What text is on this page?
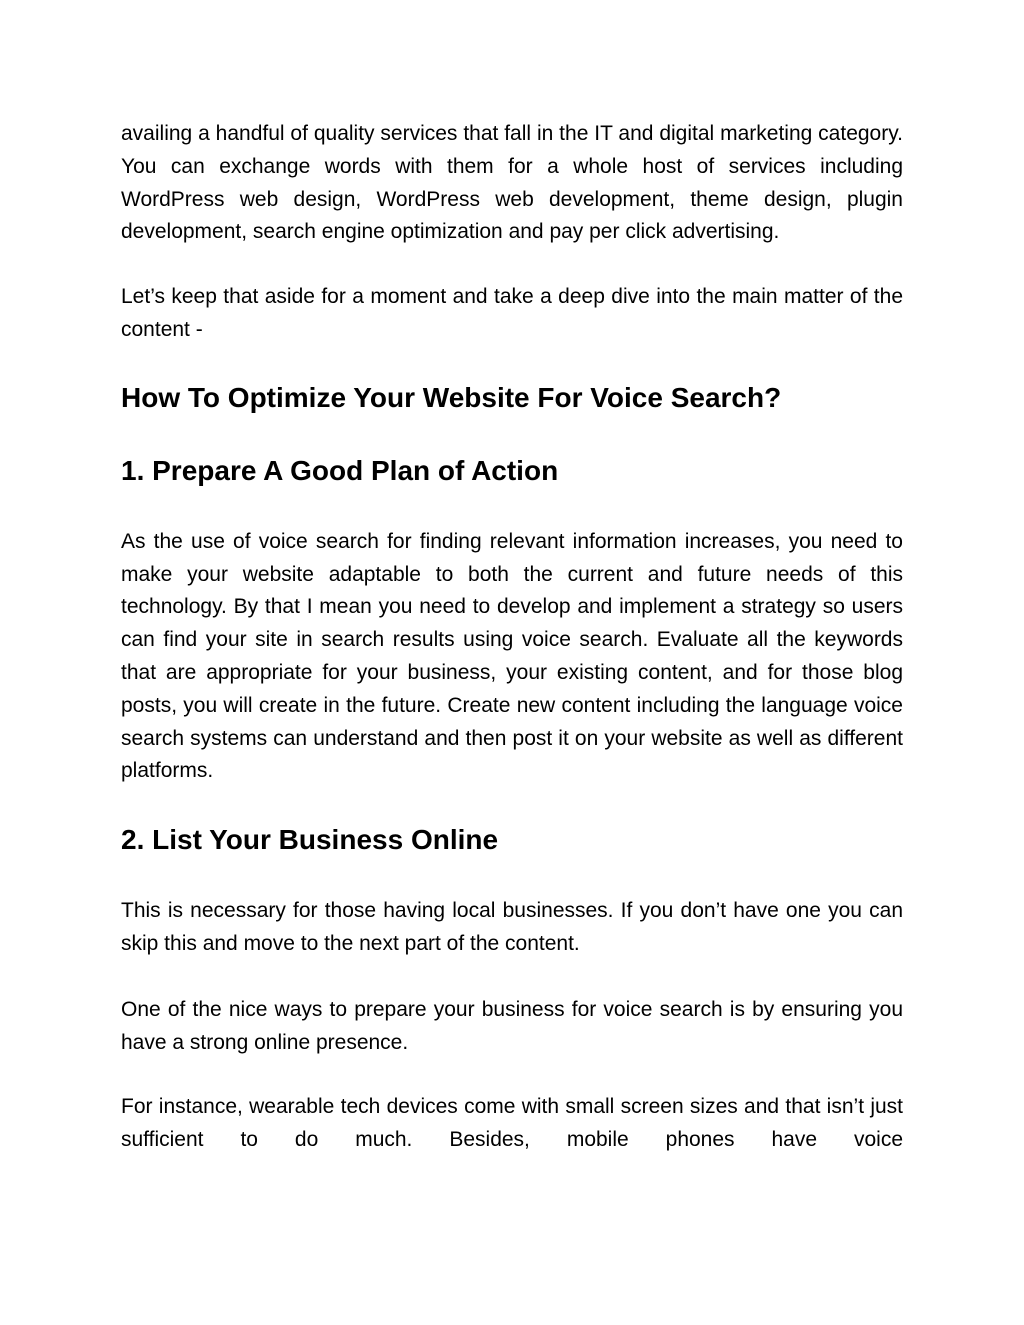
availing a handful of quality services that fall in the IT and digital marketing category. You can exchange words with them for a whole host of services including WordPress web design, WordPress web development, theme design, plugin development, search engine optimization and pay per click advertising.

Let’s keep that aside for a moment and take a deep dive into the main matter of the content -

How To Optimize Your Website For Voice Search?
1. Prepare A Good Plan of Action

As the use of voice search for finding relevant information increases, you need to make your website adaptable to both the current and future needs of this technology. By that I mean you need to develop and implement a strategy so users can find your site in search results using voice search. Evaluate all the keywords that are appropriate for your business, your existing content, and for those blog posts, you will create in the future. Create new content including the language voice search systems can understand and then post it on your website as well as different platforms.

2. List Your Business Online

This is necessary for those having local businesses. If you don’t have one you can skip this and move to the next part of the content.

One of the nice ways to prepare your business for voice search is by ensuring you have a strong online presence.

For instance, wearable tech devices come with small screen sizes and that isn’t just sufficient to do much. Besides, mobile phones have voice
